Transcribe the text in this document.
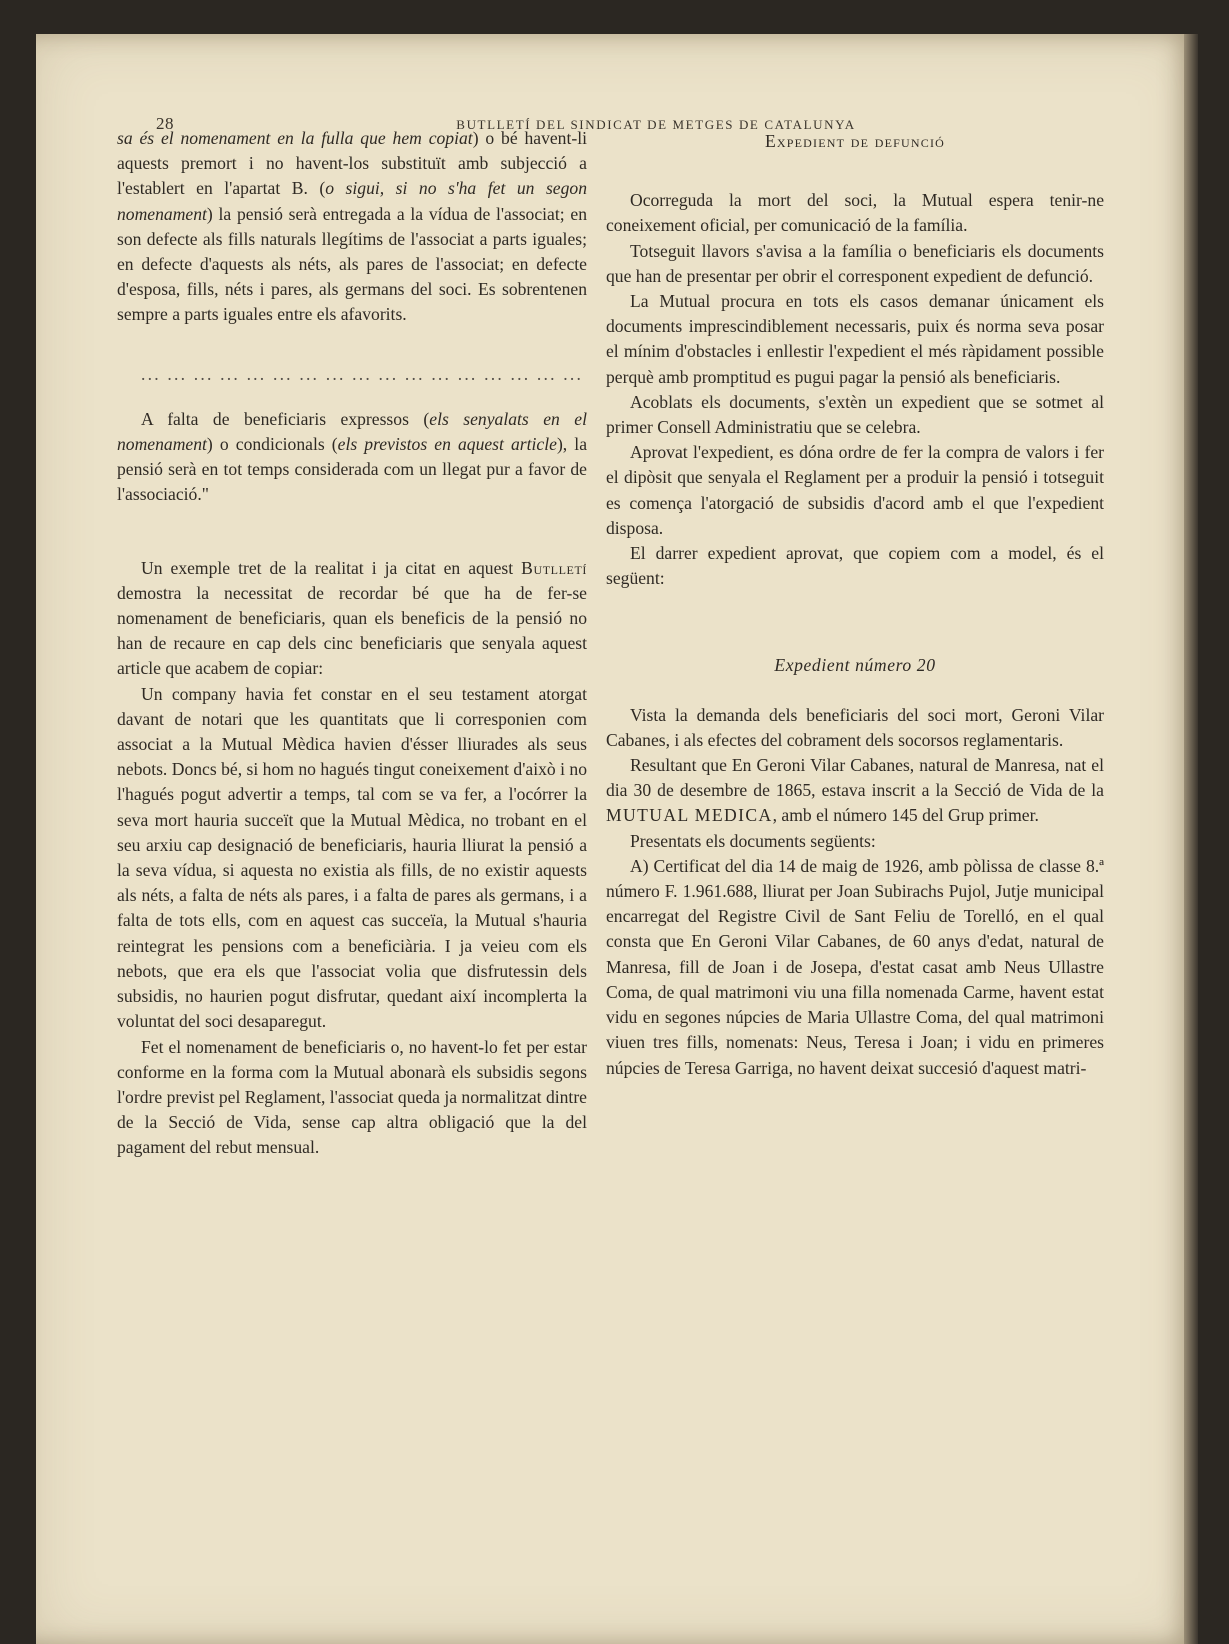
28	BUTLLETÍ DEL SINDICAT DE METGES DE CATALUNYA

sa és el nomenament en la fulla que hem copiat) o bé havent-li aquests premort i no havent-los substituït amb subjecció a l'establert en l'apartat B. (o sigui, si no s'ha fet un segon nomenament) la pensió serà entregada a la vídua de l'associat; en son defecte als fills naturals llegítims de l'associat a parts iguales; en defecte d'aquests als néts, als pares de l'associat; en defecte d'esposa, fills, néts i pares, als germans del soci. Es sobrentenen sempre a parts iguales entre els afavorits.

... ... ... ... ... ... ... ... ... ... ... ... ... ... ... ... ...

A falta de beneficiaris expressos (els senyalats en el nomenament) o condicionals (els previstos en aquest article), la pensió serà en tot temps considerada com un llegat pur a favor de l'associació."

Un exemple tret de la realitat i ja citat en aquest Butlletí demostra la necessitat de recordar bé que ha de fer-se nomenament de beneficiaris, quan els beneficis de la pensió no han de recaure en cap dels cinc beneficiaris que senyala aquest article que acabem de copiar:

Un company havia fet constar en el seu testament atorgat davant de notari que les quantitats que li corresponien com associat a la Mutual Mèdica havien d'ésser lliurades als seus nebots. Doncs bé, si hom no hagués tingut coneixement d'això i no l'hagués pogut advertir a temps, tal com se va fer, a l'ocórrer la seva mort hauria succeït que la Mutual Mèdica, no trobant en el seu arxiu cap designació de beneficiaris, hauria lliurat la pensió a la seva vídua, si aquesta no existia als fills, de no existir aquests als néts, a falta de néts als pares, i a falta de pares als germans, i a falta de tots ells, com en aquest cas succeïa, la Mutual s'hauria reintegrat les pensions com a beneficiària. I ja veieu com els nebots, que era els que l'associat volia que disfrutessin dels subsidis, no haurien pogut disfrutar, quedant així incomplerta la voluntat del soci desaparegut.

Fet el nomenament de beneficiaris o, no havent-lo fet per estar conforme en la forma com la Mutual abonarà els subsidis segons l'ordre previst pel Reglament, l'associat queda ja normalitzat dintre de la Secció de Vida, sense cap altra obligació que la del pagament del rebut mensual.

Expedient de defunció

Ocorreguda la mort del soci, la Mutual espera tenir-ne coneixement oficial, per comunicació de la família.

Totseguit llavors s'avisa a la família o beneficiaris els documents que han de presentar per obrir el corresponent expedient de defunció.

La Mutual procura en tots els casos demanar únicament els documents imprescindiblement necessaris, puix és norma seva posar el mínim d'obstacles i enllestir l'expedient el més ràpidament possible perquè amb promptitud es pugui pagar la pensió als beneficiaris.

Acoblats els documents, s'extèn un expedient que se sotmet al primer Consell Administratiu que se celebra.

Aprovat l'expedient, es dóna ordre de fer la compra de valors i fer el dipòsit que senyala el Reglament per a produir la pensió i totseguit es comença l'atorgació de subsidis d'acord amb el que l'expedient disposa.

El darrer expedient aprovat, que copiem com a model, és el següent:

Expedient número 20

Vista la demanda dels beneficiaris del soci mort, Geroni Vilar Cabanes, i als efectes del cobrament dels socorsos reglamentaris.

Resultant que En Geroni Vilar Cabanes, natural de Manresa, nat el dia 30 de desembre de 1865, estava inscrit a la Secció de Vida de la MUTUAL MEDICA, amb el número 145 del Grup primer.

Presentats els documents següents:

A) Certificat del dia 14 de maig de 1926, amb pòlissa de classe 8.ª número F. 1.961.688, lliurat per Joan Subirachs Pujol, Jutje municipal encarregat del Registre Civil de Sant Feliu de Torelló, en el qual consta que En Geroni Vilar Cabanes, de 60 anys d'edat, natural de Manresa, fill de Joan i de Josepa, d'estat casat amb Neus Ullastre Coma, de qual matrimoni viu una filla nomenada Carme, havent estat vidu en segones núpcies de Maria Ullastre Coma, del qual matrimoni viuen tres fills, nomenats: Neus, Teresa i Joan; i vidu en primeres núpcies de Teresa Garriga, no havent deixat succesió d'aquest matri-
